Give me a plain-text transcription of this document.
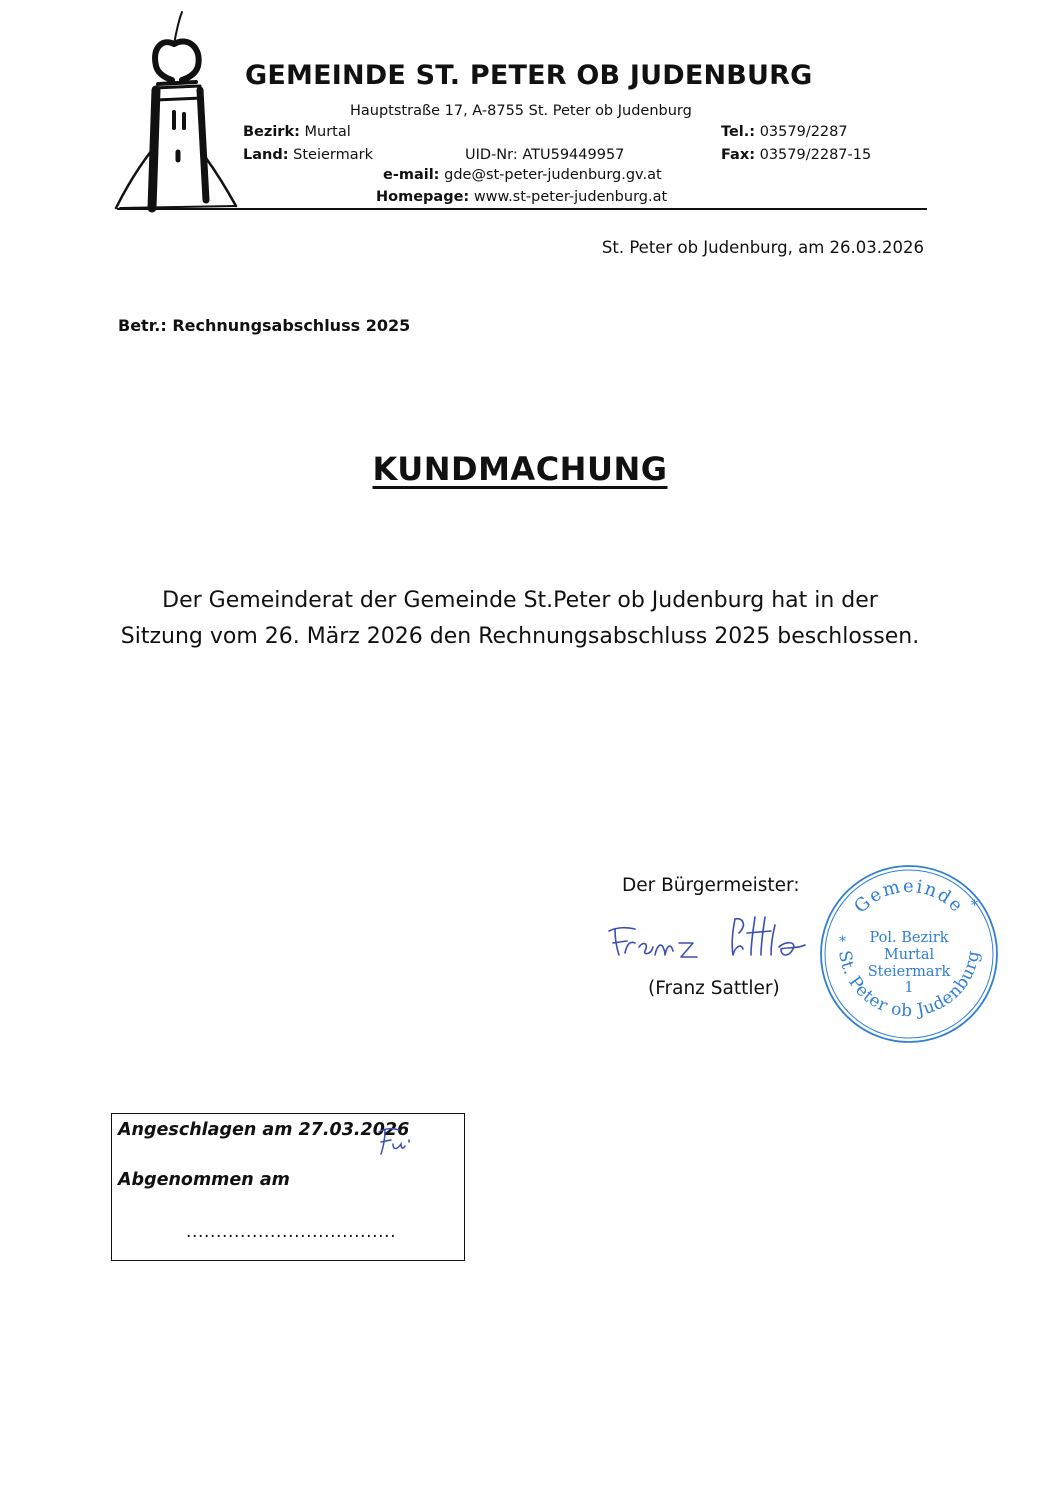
GEMEINDE ST. PETER OB JUDENBURG
Hauptstraße 17, A-8755 St. Peter ob Judenburg
Bezirk: Murtal
Land: Steiermark	UID-Nr: ATU59449957
Tel.: 03579/2287
Fax: 03579/2287-15
e-mail: gde@st-peter-judenburg.gv.at
Homepage: www.st-peter-judenburg.at
St. Peter ob Judenburg, am 26.03.2026
Betr.: Rechnungsabschluss 2025
KUNDMACHUNG
Der Gemeinderat der Gemeinde St.Peter ob Judenburg hat in der Sitzung vom 26. März 2026 den Rechnungsabschluss 2025 beschlossen.
Der Bürgermeister:
Franz Sattler
(Franz Sattler)
Gemeinde
St. Peter ob Judenburg
Pol. Bezirk
Murtal
Steiermark
1
*
*
Angeschlagen am 27.03.2026
Fu
Abgenommen am
...................................
